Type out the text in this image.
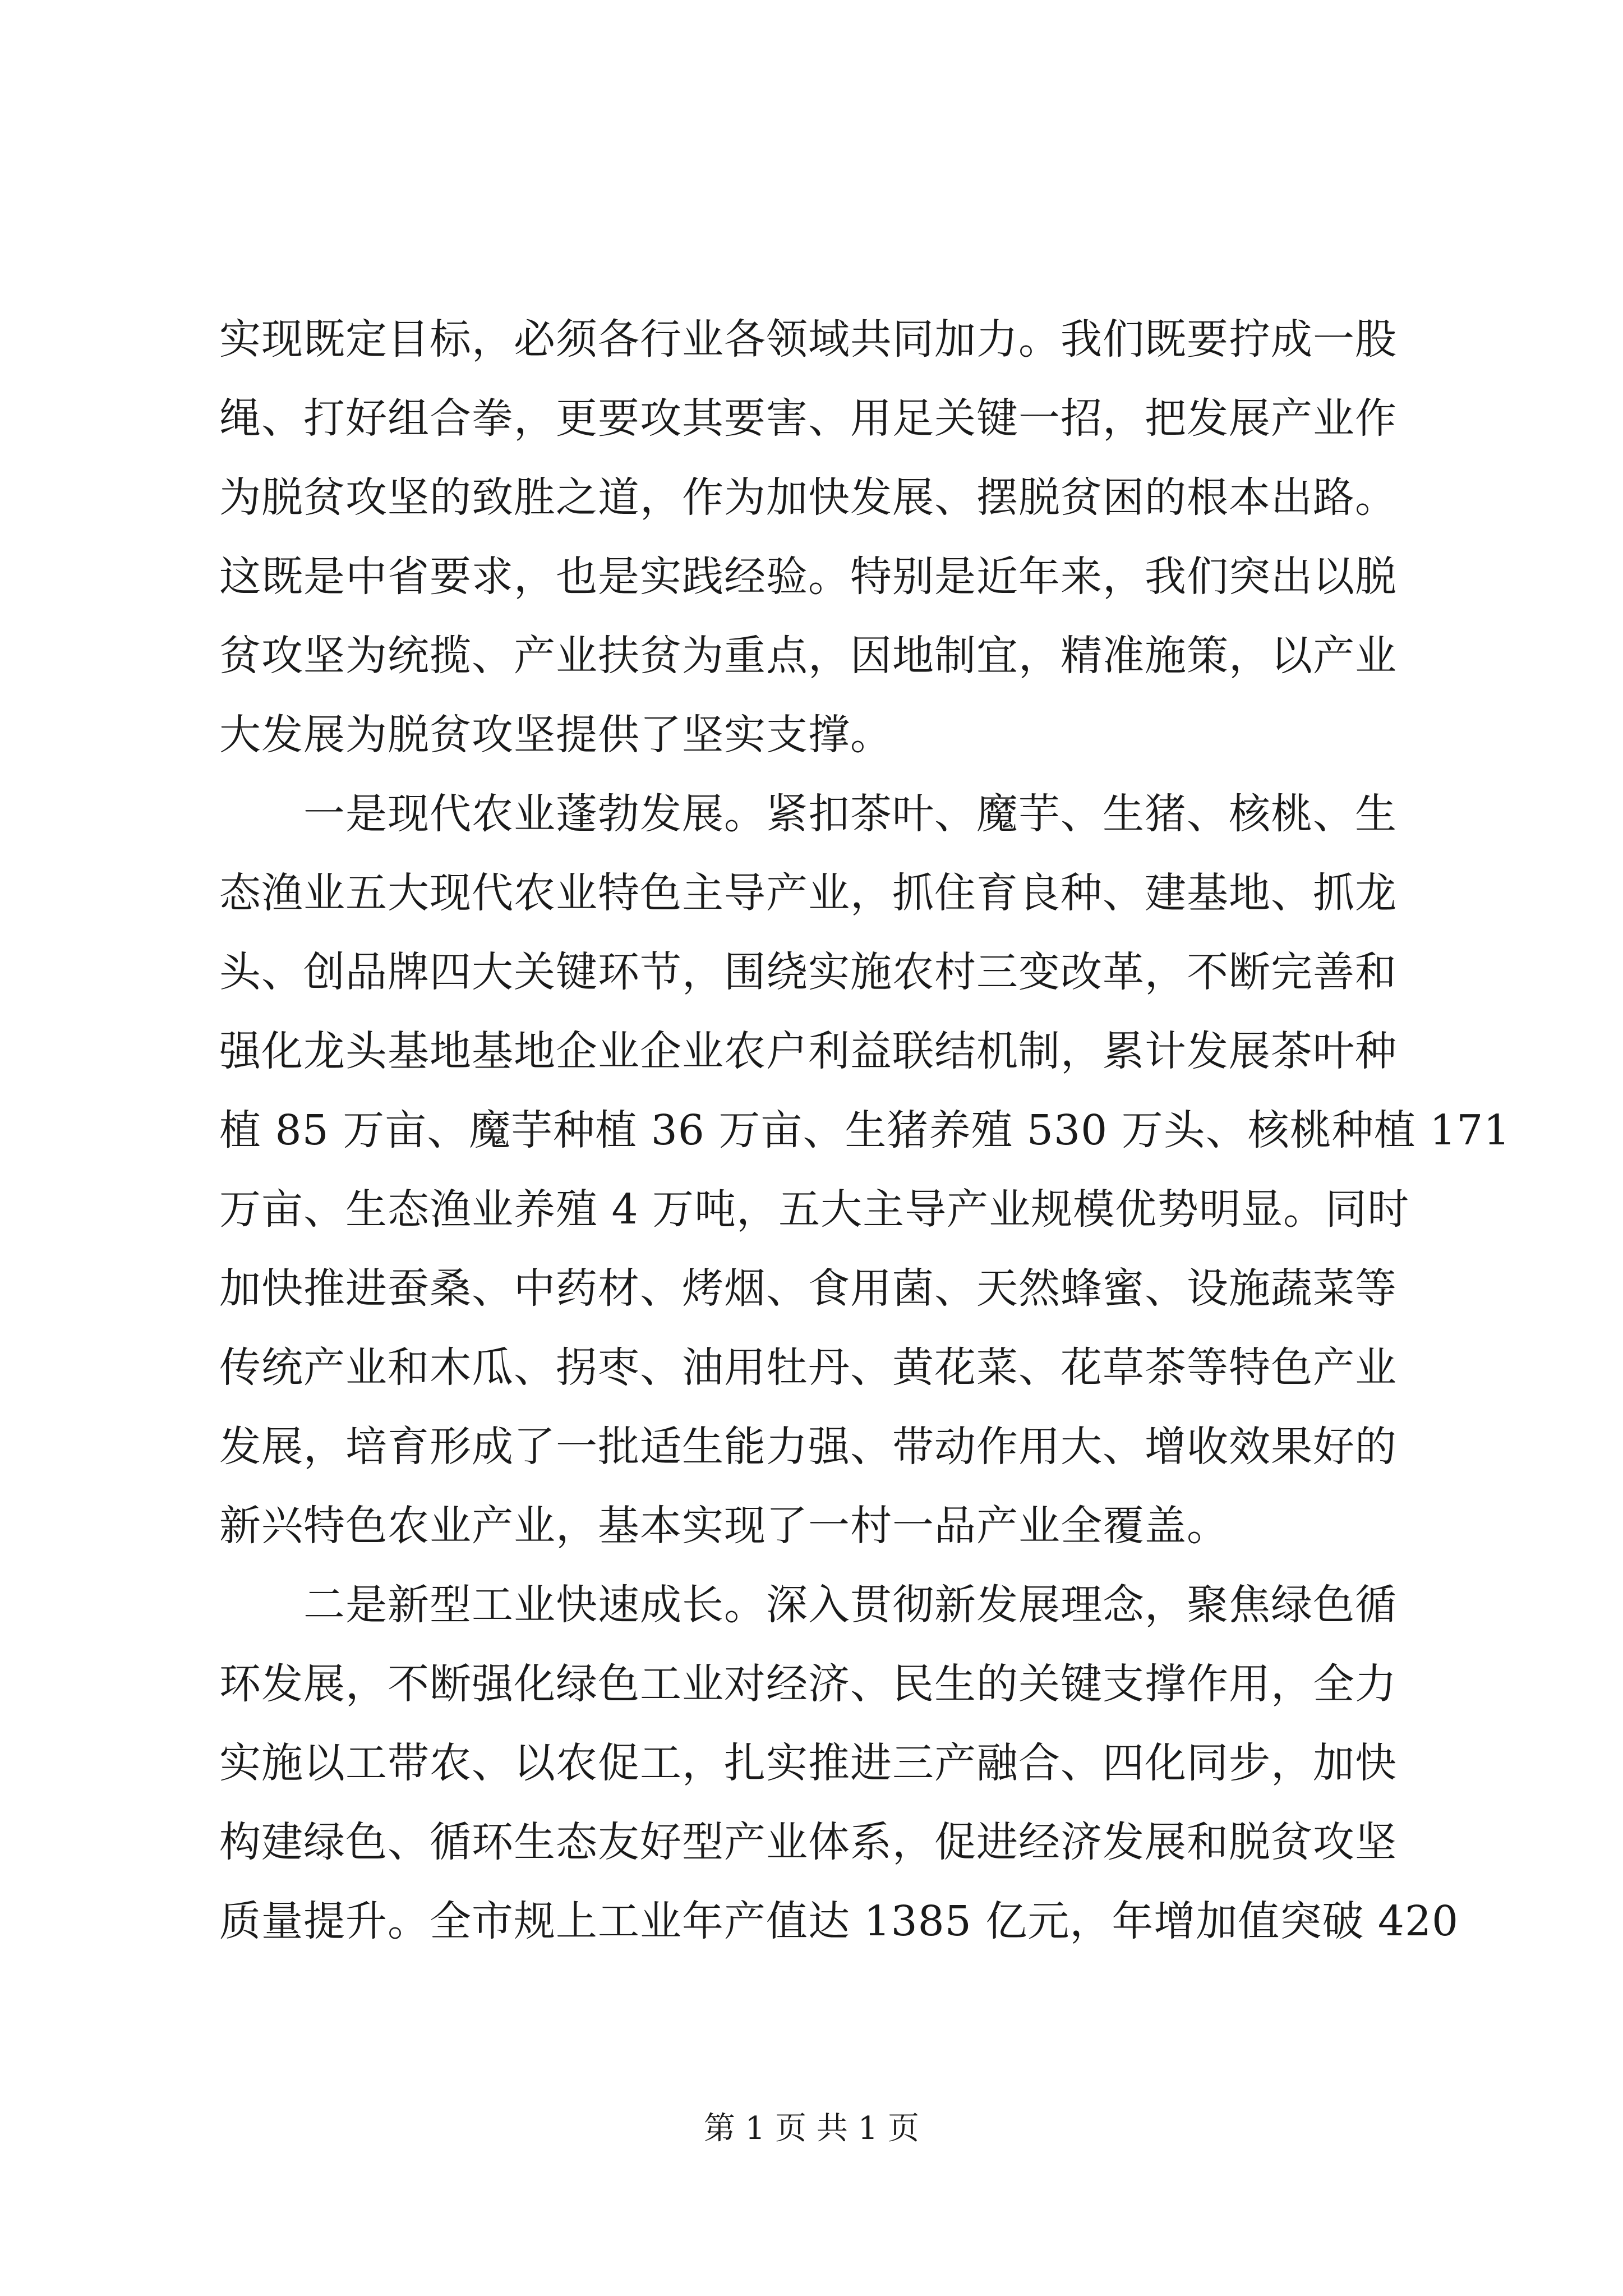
实现既定目标，必须各行业各领域共同加力。我们既要拧成一股
绳、打好组合拳，更要攻其要害、用足关键一招，把发展产业作
为脱贫攻坚的致胜之道，作为加快发展、摆脱贫困的根本出路。
这既是中省要求，也是实践经验。特别是近年来，我们突出以脱
贫攻坚为统揽、产业扶贫为重点，因地制宜，精准施策，以产业
大发展为脱贫攻坚提供了坚实支撑。
一是现代农业蓬勃发展。紧扣茶叶、魔芋、生猪、核桃、生
态渔业五大现代农业特色主导产业，抓住育良种、建基地、抓龙
头、创品牌四大关键环节，围绕实施农村三变改革，不断完善和
强化龙头基地基地企业企业农户利益联结机制，累计发展茶叶种
植 85 万亩、魔芋种植 36 万亩、生猪养殖 530 万头、核桃种植 171
万亩、生态渔业养殖 4 万吨，五大主导产业规模优势明显。同时
加快推进蚕桑、中药材、烤烟、食用菌、天然蜂蜜、设施蔬菜等
传统产业和木瓜、拐枣、油用牡丹、黄花菜、花草茶等特色产业
发展，培育形成了一批适生能力强、带动作用大、增收效果好的
新兴特色农业产业，基本实现了一村一品产业全覆盖。
二是新型工业快速成长。深入贯彻新发展理念，聚焦绿色循
环发展，不断强化绿色工业对经济、民生的关键支撑作用，全力
实施以工带农、以农促工，扎实推进三产融合、四化同步，加快
构建绿色、循环生态友好型产业体系，促进经济发展和脱贫攻坚
质量提升。全市规上工业年产值达 1385 亿元，年增加值突破 420
第 1 页 共 1 页
